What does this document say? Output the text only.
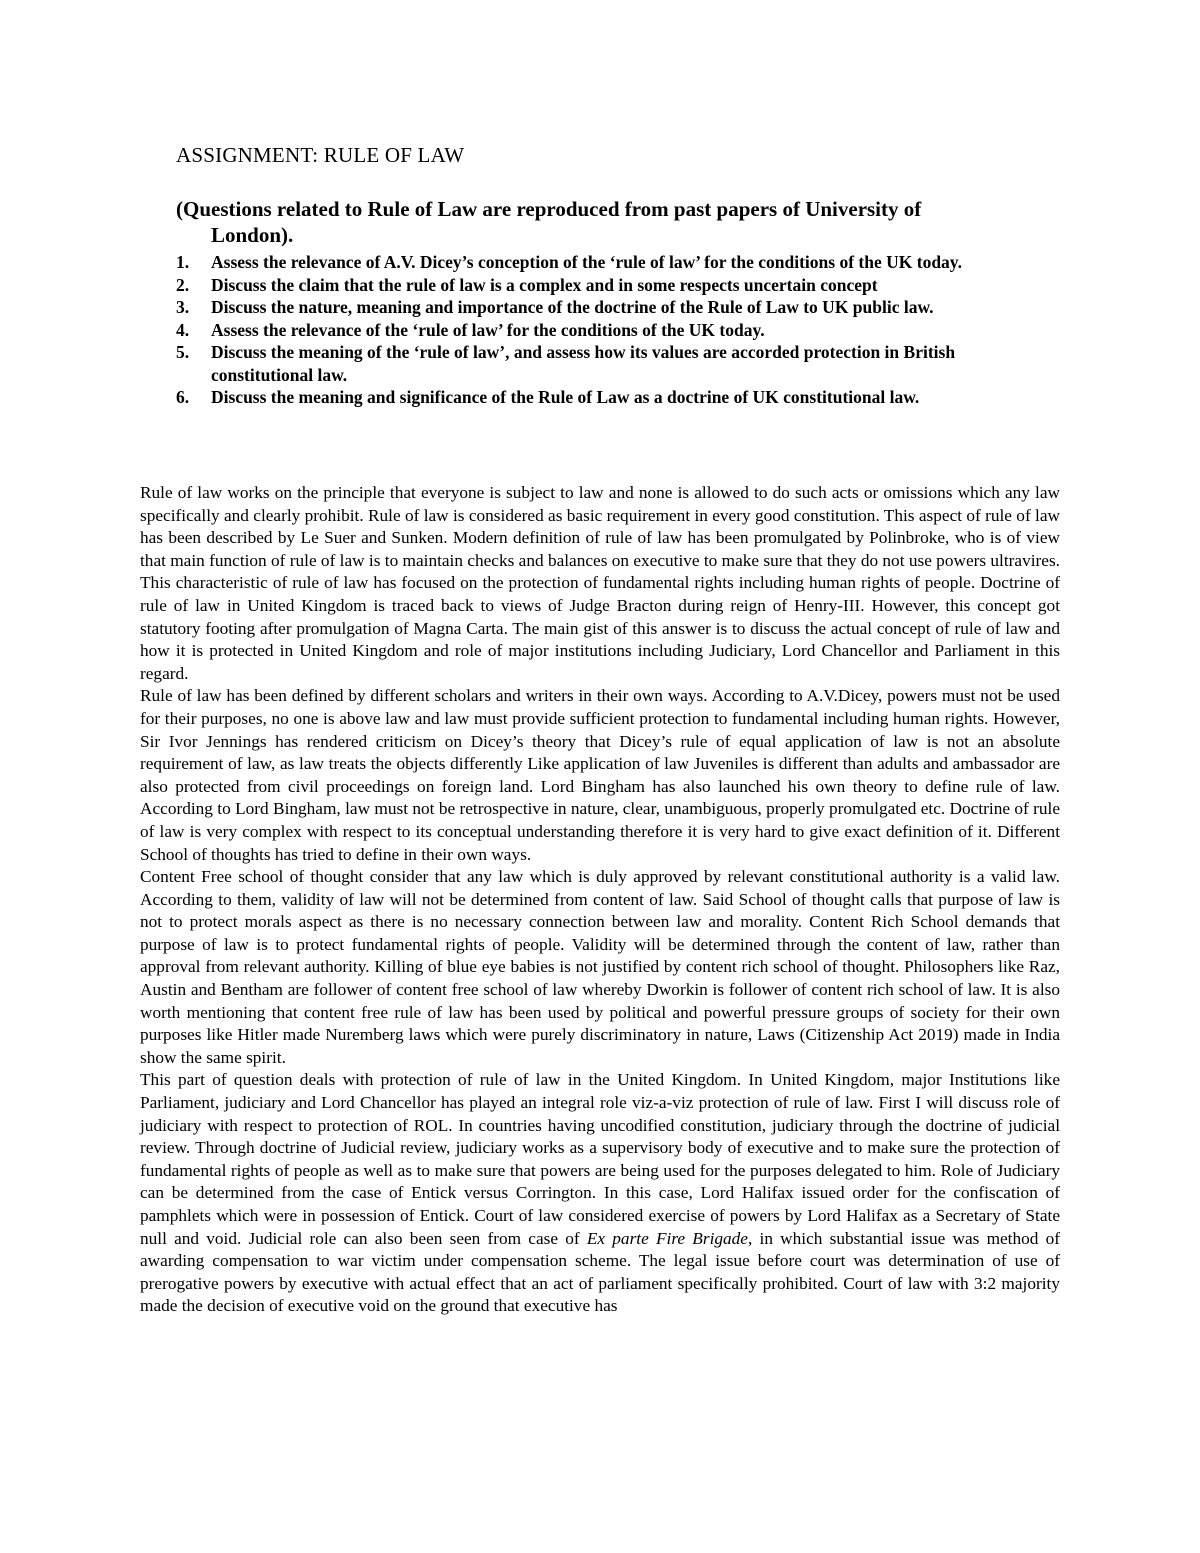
ASSIGNMENT: RULE OF LAW
(Questions related to Rule of Law are reproduced from past papers of University of
London).
1. Assess the relevance of A.V. Dicey’s conception of the ‘rule of law’ for the conditions of the UK today.
2. Discuss the claim that the rule of law is a complex and in some respects uncertain concept
3. Discuss the nature, meaning and importance of the doctrine of the Rule of Law to UK public law.
4. Assess the relevance of the ‘rule of law’ for the conditions of the UK today.
5. Discuss the meaning of the ‘rule of law’, and assess how its values are accorded protection in British constitutional law.
6. Discuss the meaning and significance of the Rule of Law as a doctrine of UK constitutional law.

Rule of law works on the principle that everyone is subject to law and none is allowed to do such acts or omissions which any law specifically and clearly prohibit. Rule of law is considered as basic requirement in every good constitution. This aspect of rule of law has been described by Le Suer and Sunken. Modern definition of rule of law has been promulgated by Polinbroke, who is of view that main function of rule of law is to maintain checks and balances on executive to make sure that they do not use powers ultravires. This characteristic of rule of law has focused on the protection of fundamental rights including human rights of people. Doctrine of rule of law in United Kingdom is traced back to views of Judge Bracton during reign of Henry-III. However, this concept got statutory footing after promulgation of Magna Carta. The main gist of this answer is to discuss the actual concept of rule of law and how it is protected in United Kingdom and role of major institutions including Judiciary, Lord Chancellor and Parliament in this regard.

Rule of law has been defined by different scholars and writers in their own ways. According to A.V.Dicey, powers must not be used for their purposes, no one is above law and law must provide sufficient protection to fundamental including human rights. However, Sir Ivor Jennings has rendered criticism on Dicey’s theory that Dicey’s rule of equal application of law is not an absolute requirement of law, as law treats the objects differently Like application of law Juveniles is different than adults and ambassador are also protected from civil proceedings on foreign land. Lord Bingham has also launched his own theory to define rule of law. According to Lord Bingham, law must not be retrospective in nature, clear, unambiguous, properly promulgated etc. Doctrine of rule of law is very complex with respect to its conceptual understanding therefore it is very hard to give exact definition of it. Different School of thoughts has tried to define in their own ways.

Content Free school of thought consider that any law which is duly approved by relevant constitutional authority is a valid law. According to them, validity of law will not be determined from content of law. Said School of thought calls that purpose of law is not to protect morals aspect as there is no necessary connection between law and morality. Content Rich School demands that purpose of law is to protect fundamental rights of people. Validity will be determined through the content of law, rather than approval from relevant authority. Killing of blue eye babies is not justified by content rich school of thought. Philosophers like Raz, Austin and Bentham are follower of content free school of law whereby Dworkin is follower of content rich school of law. It is also worth mentioning that content free rule of law has been used by political and powerful pressure groups of society for their own purposes like Hitler made Nuremberg laws which were purely discriminatory in nature, Laws (Citizenship Act 2019) made in India show the same spirit.

This part of question deals with protection of rule of law in the United Kingdom. In United Kingdom, major Institutions like Parliament, judiciary and Lord Chancellor has played an integral role viz-a-viz protection of rule of law. First I will discuss role of judiciary with respect to protection of ROL. In countries having uncodified constitution, judiciary through the doctrine of judicial review. Through doctrine of Judicial review, judiciary works as a supervisory body of executive and to make sure the protection of fundamental rights of people as well as to make sure that powers are being used for the purposes delegated to him. Role of Judiciary can be determined from the case of Entick versus Corrington. In this case, Lord Halifax issued order for the confiscation of pamphlets which were in possession of Entick. Court of law considered exercise of powers by Lord Halifax as a Secretary of State null and void. Judicial role can also been seen from case of Ex parte Fire Brigade, in which substantial issue was method of awarding compensation to war victim under compensation scheme. The legal issue before court was determination of use of prerogative powers by executive with actual effect that an act of parliament specifically prohibited. Court of law with 3:2 majority made the decision of executive void on the ground that executive has
